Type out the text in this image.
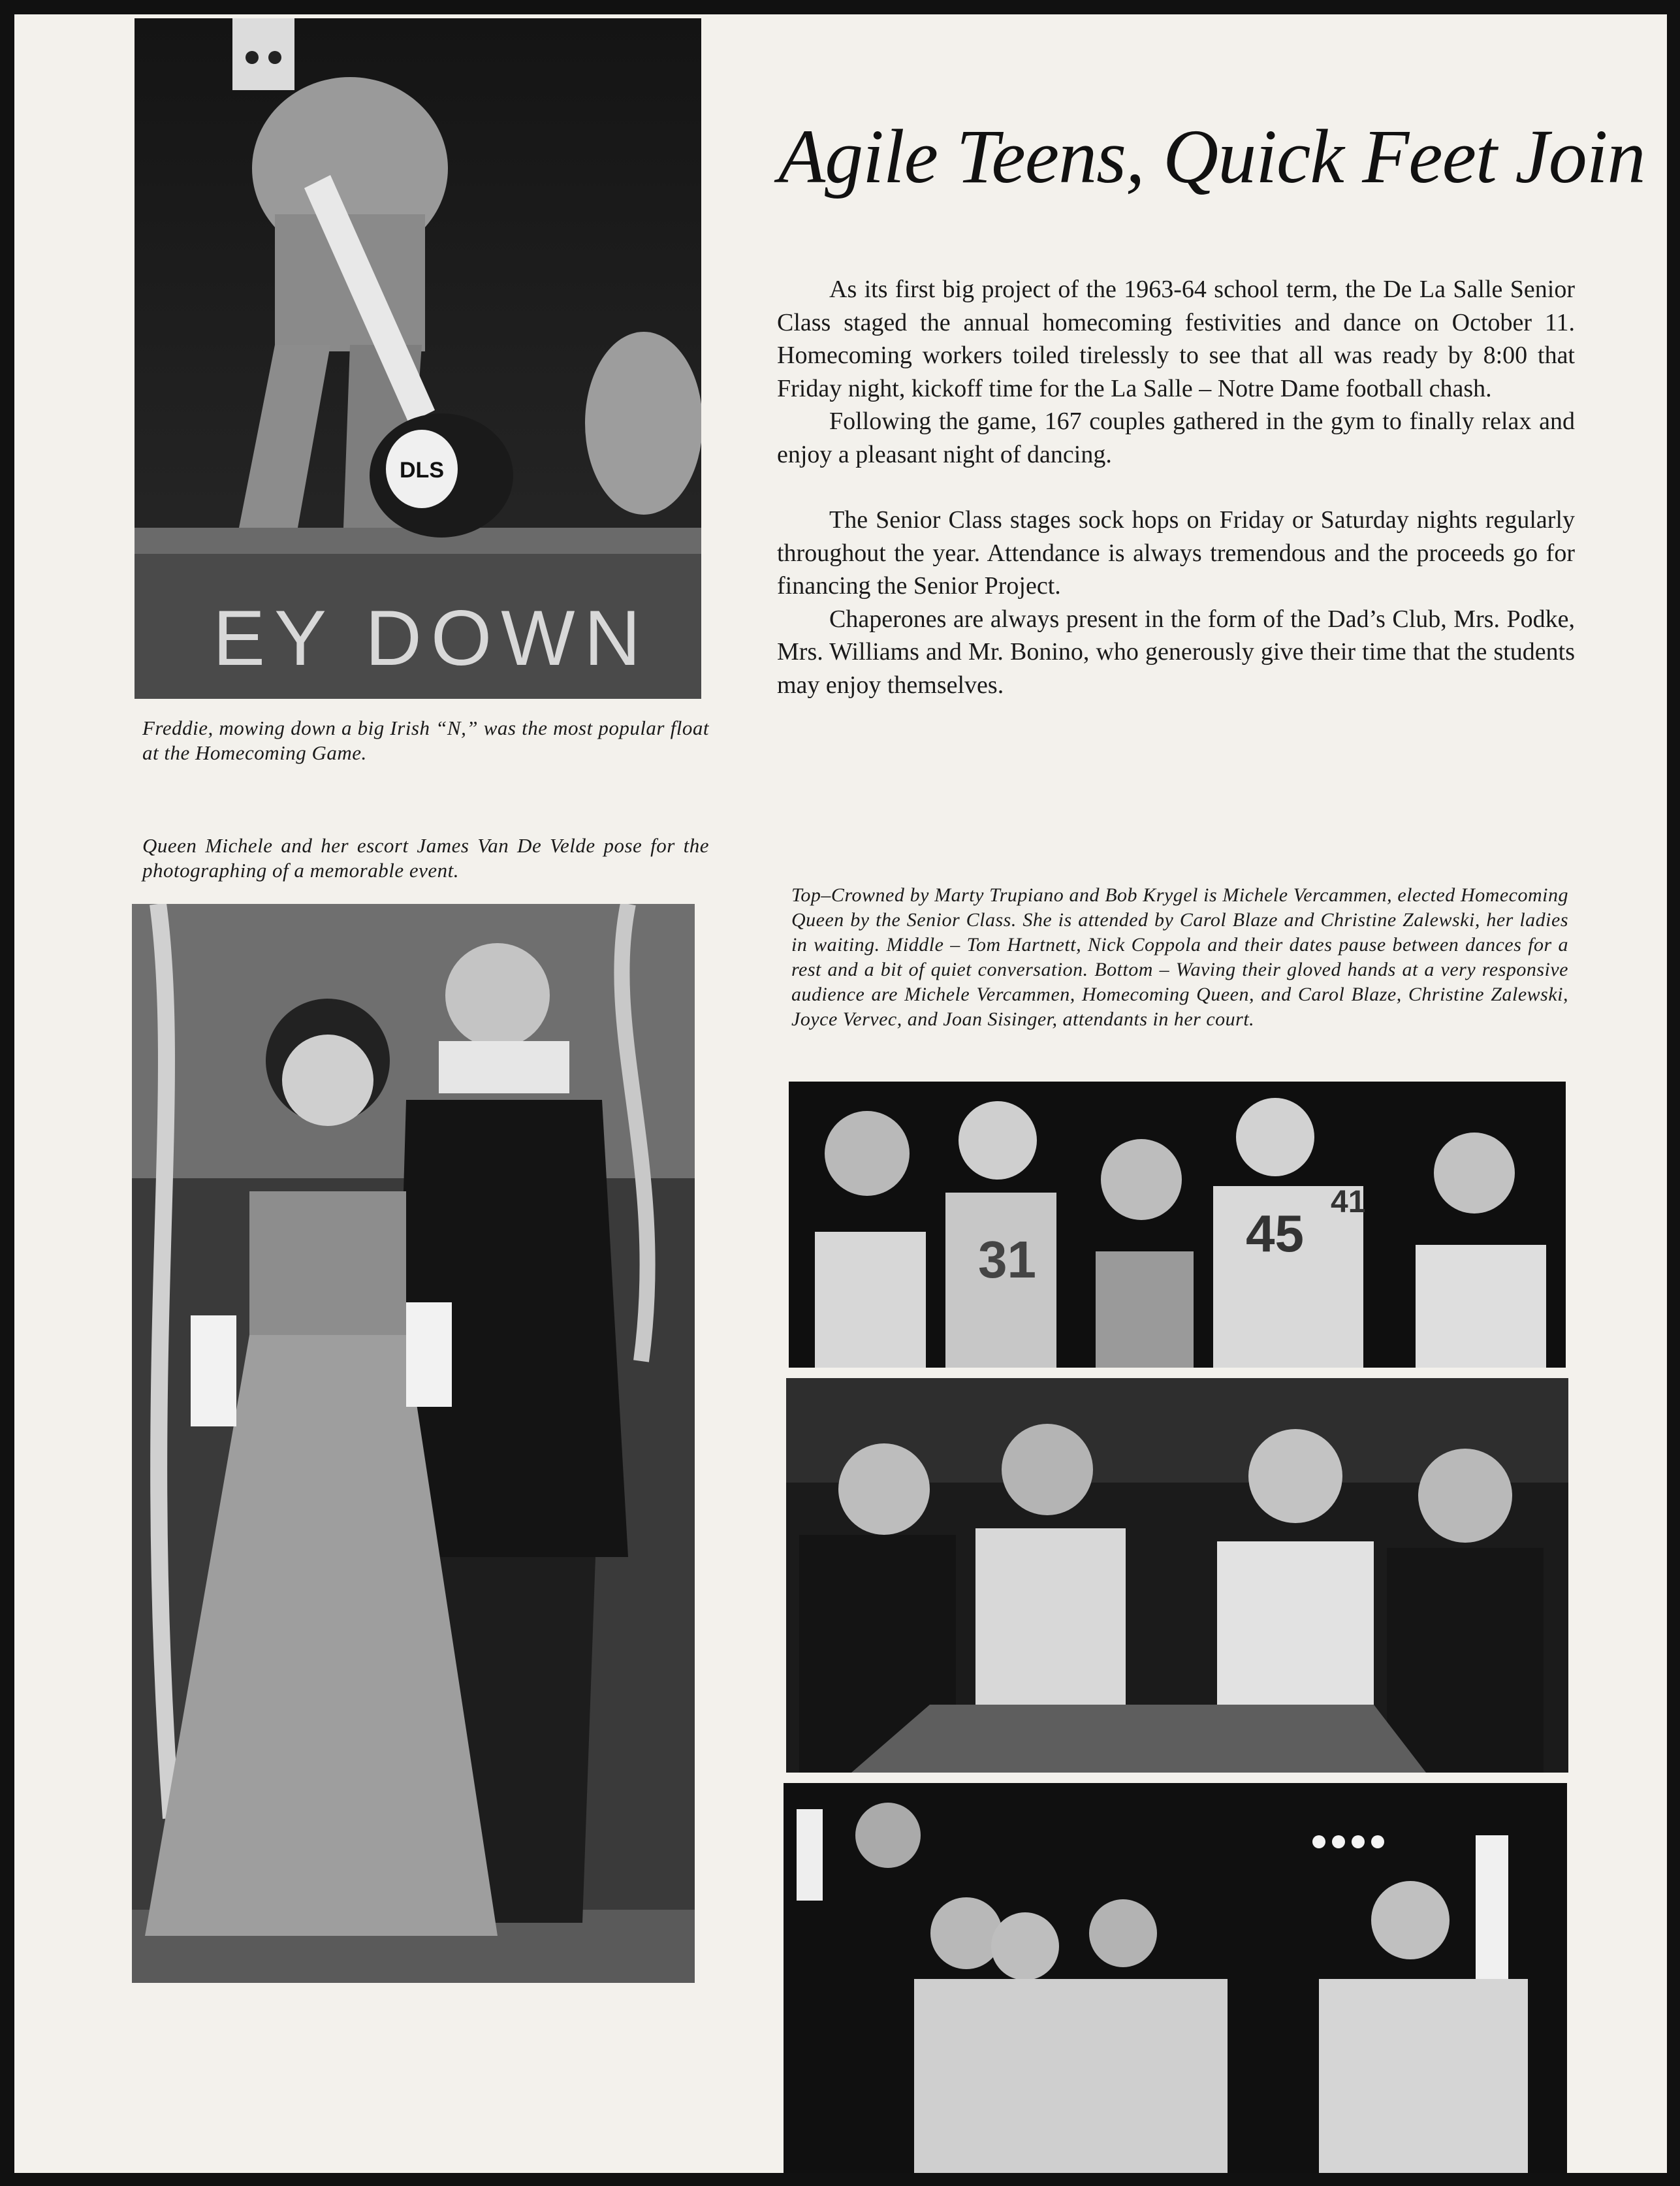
DLS
EY DOWN
Agile Teens, Quick Feet Join

As its first big project of the 1963-64 school term, the De La Salle Senior Class staged the annual homecoming festivities and dance on October 11. Homecoming workers toiled tirelessly to see that all was ready by 8:00 that Friday night, kickoff time for the La Salle – Notre Dame football chash.

Following the game, 167 couples gathered in the gym to finally relax and enjoy a pleasant night of dancing.

The Senior Class stages sock hops on Friday or Saturday nights regularly throughout the year. Attendance is always tremendous and the proceeds go for financing the Senior Project.

Chaperones are always present in the form of the Dad’s Club, Mrs. Podke, Mrs. Williams and Mr. Bonino, who generously give their time that the students may enjoy themselves.

Freddie, mowing down a big Irish “N,” was the most popular float at the Homecoming Game.
Queen Michele and her escort James Van De Velde pose for the photographing of a memorable event.
Top–Crowned by Marty Trupiano and Bob Krygel is Michele Vercammen, elected Homecoming Queen by the Senior Class. She is attended by Carol Blaze and Christine Zalewski, her ladies in waiting. Middle – Tom Hartnett, Nick Coppola and their dates pause between dances for a rest and a bit of quiet conversation. Bottom – Waving their gloved hands at a very responsive audience are Michele Vercammen, Homecoming Queen, and Carol Blaze, Christine Zalewski, Joyce Vervec, and Joan Sisinger, attendants in her court.
31	45
41
